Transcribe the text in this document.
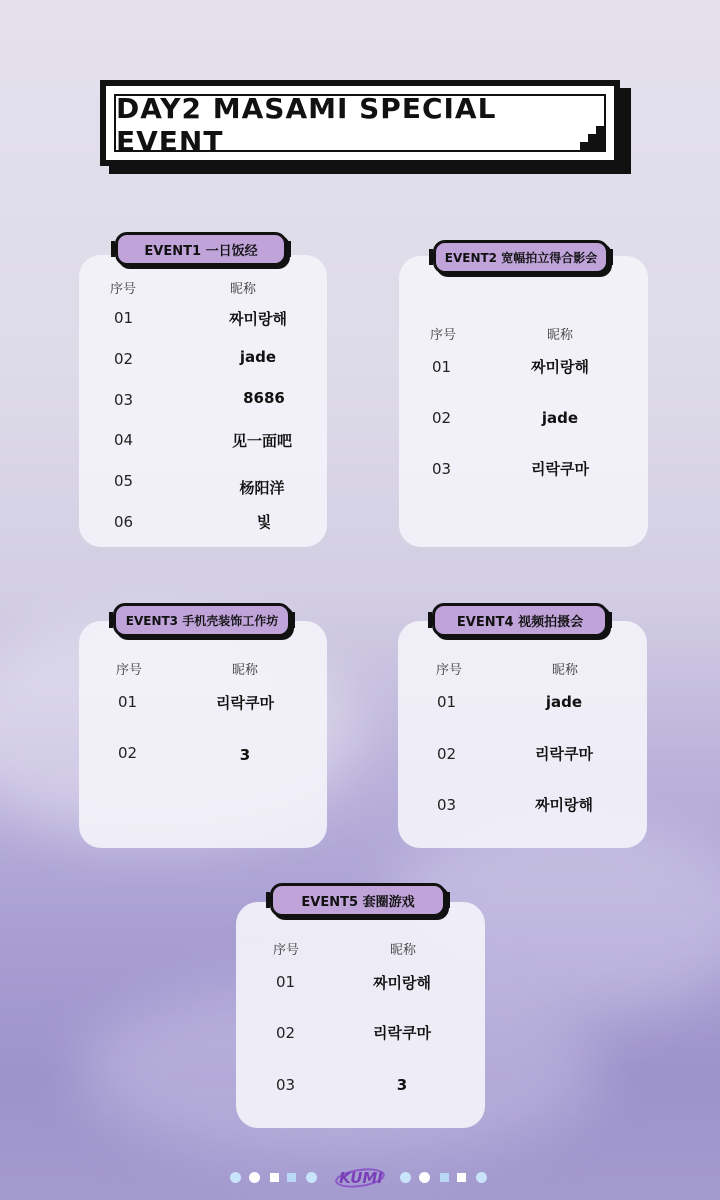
DAY2 MASAMI SPECIAL EVENT
EVENT1 一日饭经
序号	昵称
01	짜미랑해
02	jade
03	8686
04	见一面吧
05	杨阳洋
06	빛
EVENT2 宽幅拍立得合影会
序号	昵称
01	짜미랑해
02	jade
03	리락쿠마
EVENT3 手机壳装饰工作坊
序号	昵称
01	리락쿠마
02	3
EVENT4 视频拍摄会
序号	昵称
01	jade
02	리락쿠마
03	짜미랑해
EVENT5 套圈游戏
序号	昵称
01	짜미랑해
02	리락쿠마
03	3
KUMI
